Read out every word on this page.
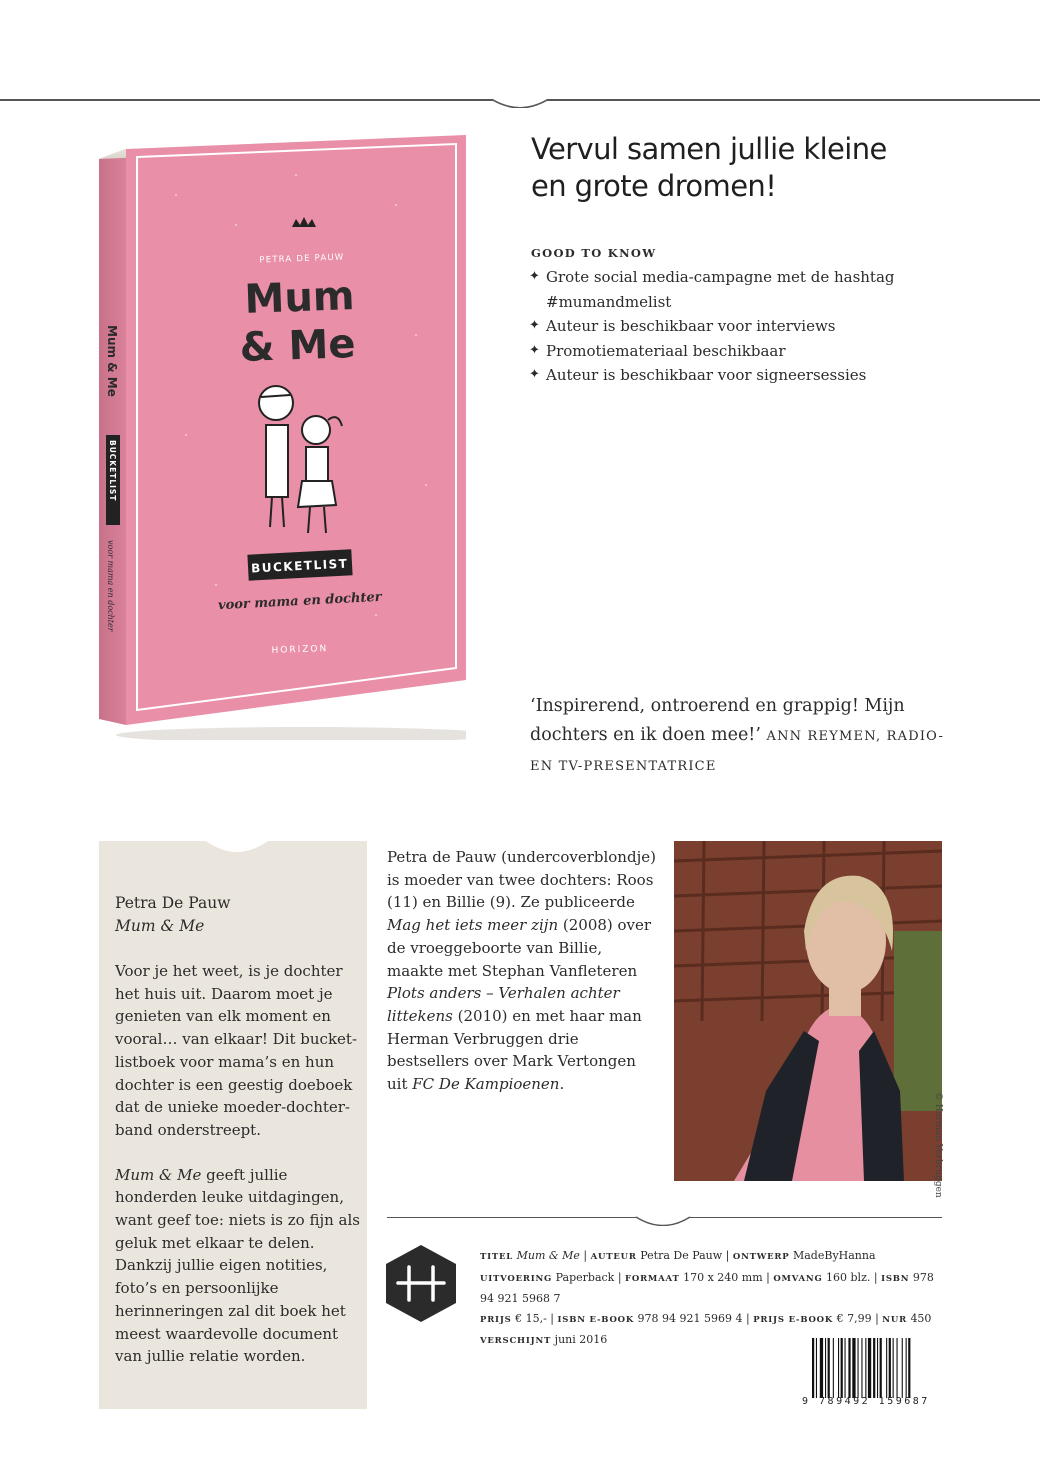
PETRA DE PAUW
Mum
& Me
BUCKETLIST
voor mama en dochter
HORIZON
Mum & Me
BUCKETLIST
voor mama en dochter
Vervul samen jullie kleine
en grote dromen!
GOOD TO KNOW
✦ Grote social media-campagne met de hashtag #mumandmelist
✦ Auteur is beschikbaar voor interviews
✦ Promotiemateriaal beschikbaar
✦ Auteur is beschikbaar voor signeersessies
‘Inspirerend, ontroerend en grappig! Mijn dochters en ik doen mee!’ ANN REYMEN, RADIO- EN TV-PRESENTATRICE
Petra De Pauw
Mum & Me

Voor je het weet, is je dochter het huis uit. Daarom moet je genieten van elk moment en vooral… van elkaar! Dit bucket-listboek voor mama’s en hun dochter is een geestig doeboek dat de unieke moeder-dochter-band onderstreept.

Mum & Me geeft jullie honderden leuke uitdagingen, want geef toe: niets is zo fijn als geluk met elkaar te delen. Dankzij jullie eigen notities, foto’s en persoonlijke herinneringen zal dit boek het meest waardevolle document van jullie relatie worden.

Petra de Pauw (undercoverblondje) is moeder van twee dochters: Roos (11) en Billie (9). Ze publiceerde Mag het iets meer zijn (2008) over de vroeggeboorte van Billie, maakte met Stephan Vanfleteren Plots anders – Verhalen achter littekens (2010) en met haar man Herman Verbruggen drie bestsellers over Mark Vertongen uit FC De Kampioenen.
© Herman Verbruggen
TITEL Mum & Me | AUTEUR Petra De Pauw | ONTWERP MadeByHanna
UITVOERING Paperback | FORMAAT 170 x 240 mm | OMVANG 160 blz. | ISBN 978 94 921 5968 7
PRIJS € 15,- | ISBN E-BOOK 978 94 921 5969 4 | PRIJS E-BOOK € 7,99 | NUR 450
VERSCHIJNT juni 2016
9 789492 159687
